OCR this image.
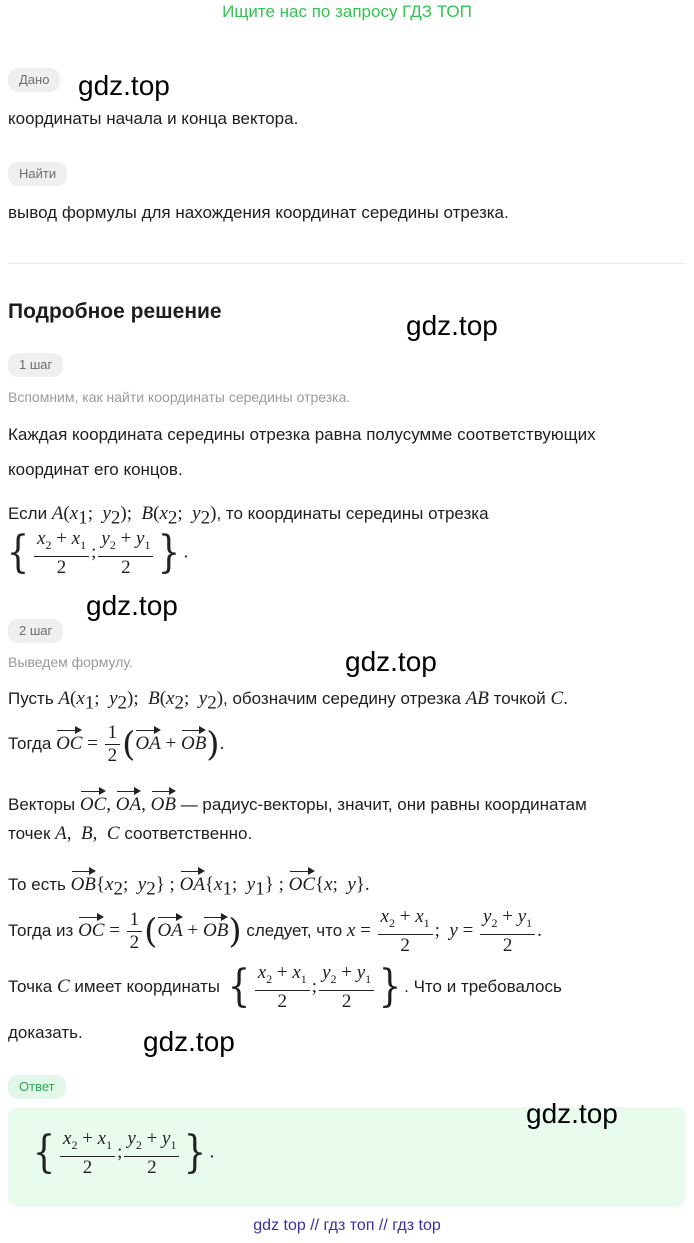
Ищите нас по запросу ГДЗ ТОП
Дано	gdz.top
координаты начала и конца вектора.
Найти
вывод формулы для нахождения координат середины отрезка.
Подробное решение	gdz.top
1 шаг
Вспомним, как найти координаты середины отрезка.
Каждая координата середины отрезка равна полусумме соответствующих
координат его концов.
Если $A(x_1$;  $y_2$);  $B(x_2$;  $y_2$), то координаты середины отрезка
{ $\frac{x_2 + x_1}{2}$ ; $\frac{y_2 + y_1}{2}$ } .
gdz.top
2 шаг
Выведем формулу.	gdz.top
Пусть $A(x_1$;  $y_2$);  $B(x_2$;  $y_2$), обозначим середину отрезка AB точкой C.
Тогда OC = $\frac{1}{2} (OA + OB)$.
Векторы OC, OA, OB — радиус-векторы, значит, они равны координатам
точек A,  B,  C соответственно.
То есть $OB\{x_2$;  $y_2$} ; $OA\{x_1$;  $y_1$} ; OC{x;  y}.
Тогда из OC = $\frac{1}{2} (OA + OB)$ следует, что $x = \frac{x_2 + x_1}{2}$ ;  $y = \frac{y_2 + y_1}{2}$ .
Точка C имеет координаты { $\frac{x_2 + x_1}{2}$ ; $\frac{y_2 + y_1}{2}$ } . Что и требовалось
доказать. gdz.top
Ответ
gdz.top
{ $\frac{x_2 + x_1}{2}$ ; $\frac{y_2 + y_1}{2}$ } .
gdz top // гдз топ // гдз top
